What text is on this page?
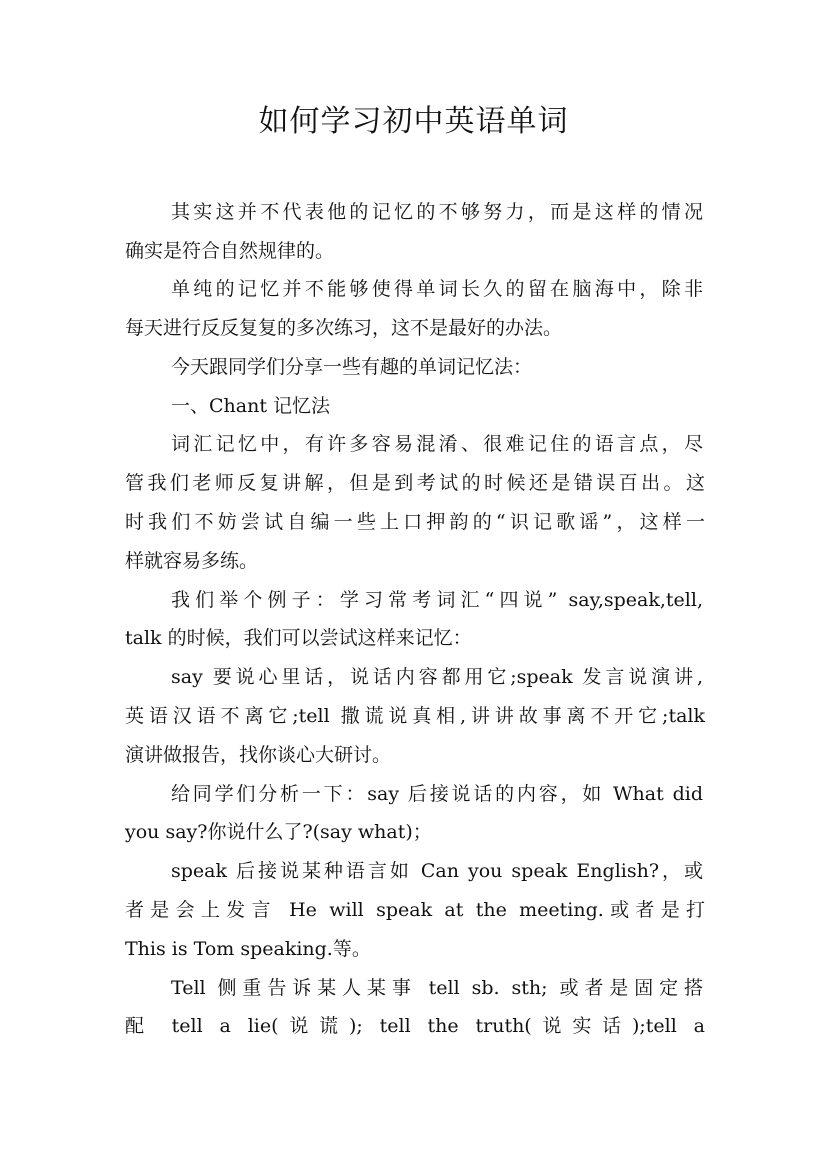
如何学习初中英语单词

其实这并不代表他的记忆的不够努力，而是这样的情况

确实是符合自然规律的。

单纯的记忆并不能够使得单词长久的留在脑海中，除非

每天进行反反复复的多次练习，这不是最好的办法。

今天跟同学们分享一些有趣的单词记忆法：

一、Chant 记忆法

词汇记忆中，有许多容易混淆、很难记住的语言点，尽

管我们老师反复讲解，但是到考试的时候还是错误百出。这

时我们不妨尝试自编一些上口押韵的“识记歌谣”，这样一

样就容易多练。

我们举个例子：学习常考词汇“四说” say,speak,tell,

talk 的时候，我们可以尝试这样来记忆：

say 要说心里话，说话内容都用它;speak 发言说演讲,

英语汉语不离它;tell 撒谎说真相,讲讲故事离不开它;talk

演讲做报告，找你谈心大研讨。

给同学们分析一下：say 后接说话的内容，如 What did

you say?你说什么了?(say what)；

speak 后接说某种语言如 Can you speak English?，或

者是会上发言 He will speak at the meeting.或者是打

This is Tom speaking.等。

Tell 侧重告诉某人某事 tell sb. sth; 或者是固定搭

配 tell a lie(说谎); tell the truth(说实话);tell a
